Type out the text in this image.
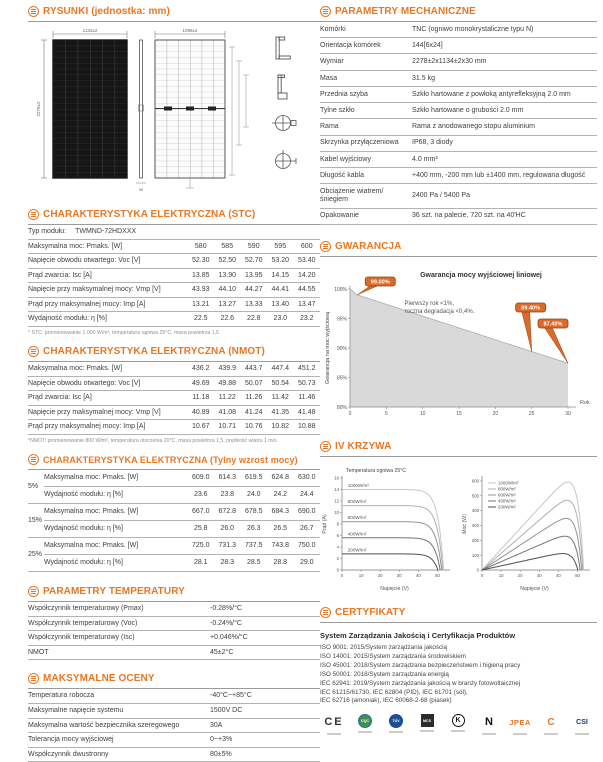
RYSUNKI (jednostka: mm)
1134±2
2278±2
30
1096±2
CHARAKTERYSTYKA ELEKTRYCZNA (STC)
Typ modułu: TWMND-72HDXXX					
Maksymalna moc: Pmaks. [W]	580	585	590	595	600
Napięcie obwodu otwartego: Voc [V]	52.30	52.50	52.70	53.20	53.40
Prąd zwarcia: Isc [A]	13.85	13.90	13.95	14.15	14.20
Napięcie przy maksymalnej mocy: Vmp [V]	43.93	44.10	44.27	44.41	44.55
Prąd przy maksymalnej mocy: Imp [A]	13.21	13.27	13.33	13.40	13.47
Wydajność modułu: η [%]	22.5	22.6	22.8	23.0	23.2
* STC: promieniowanie 1 000 W/m², temperatura ogniwa 25°C, masa powietrza 1,5
CHARAKTERYSTYKA ELEKTRYCZNA (NMOT)
Maksymalna moc: Pmaks. [W]	436.2	439.9	443.7	447.4	451.2
Napięcie obwodu otwartego: Voc [V]	49.69	49.88	50.07	50.54	50.73
Prąd zwarcia: Isc [A]	11.18	11.22	11.26	11.42	11.46
Napięcie przy maksymalnej mocy: Vmp [V]	40.89	41.08	41.24	41.35	41.48
Prąd przy maksymalnej mocy: Imp [A]	10.67	10.71	10.76	10.82	10.88
*NMOT: promieniowanie 800 W/m², temperatura otoczenia 20°C, masa powietrza 1,5, prędkość wiatru 1 m/s
CHARAKTERYSTYKA ELEKTRYCZNA (Tylny wzrost mocy)
5%	Maksymalna moc: Pmaks. [W]	609.0	614.3	619.5	624.8	630.0
	Wydajność modułu: η [%]	23.6	23.8	24.0	24.2	24.4
15%	Maksymalna moc: Pmaks. [W]	667.0	672.8	678.5	684.3	690.0
	Wydajność modułu: η [%]	25.8	26.0	26.3	26.5	26.7
25%	Maksymalna moc: Pmaks. [W]	725.0	731.3	737.5	743.8	750.0
	Wydajność modułu: η [%]	28.1	28.3	28.5	28.8	29.0
PARAMETRY TEMPERATURY
Współczynnik temperaturowy (Pmax)	-0.28%/°C
Współczynnik temperaturowy (Voc)	-0.24%/°C
Współczynnik temperaturowy (Isc)	+0.046%/°C
NMOT	45±2°C
MAKSYMALNE OCENY
Temperatura robocza	-40°C~+85°C
Maksymalne napięcie systemu	1500V DC
Maksymalna wartość bezpiecznika szeregowego	30A
Tolerancja mocy wyjściowej	0~+3%
Współczynnik dwustronny	80±5%
PARAMETRY MECHANICZNE
Komórki	TNC (ogniwo monokrystaliczne typu N)
Orientacja komórek	144[6x24]
Wymiar	2278±2x1134±2x30 mm
Masa	31.5 kg
Przednia szyba	Szkło hartowane z powłoką antyrefleksyjną 2.0 mm
Tylne szkło	Szkło hartowane o grubości 2.0 mm
Rama	Rama z anodowanego stopu aluminium
Skrzynka przyłączeniowa	IP68, 3 diody
Kabel wyjściowy	4.0 mm²
Długość kabla	+400 mm, -200 mm lub ±1400 mm, regulowana długość
Obciążenie wiatrem/śniegiem	2400 Pa / 5400 Pa
Opakowanie	36 szt. na palecie, 720 szt. na 40'HC
GWARANCJA
80%
85%
90%
95%
100%
0	5	10	15	20	25	30
Rok
Gwarancja na moc wyjściową
Gwarancja mocy wyjściowej liniowej
Pierwszy rok <1%,
roczna degradacja <0,4%.
99.00%
89.40%
87.40%
IV KRZYWA
0
2
4
6
8
10
12
14
16
0	10	20	30	40	50
1000W/m²
800W/m²
600W/m²
400W/m²
200W/m²
Temperatura ogniwa 25°C
Napięcie (V)
Prąd (A)
0
100
200
300
400
500
600
0	10	20	30	40	50
1000W/m²
800W/m²
600W/m²
400W/m²
200W/m²
Napięcie (V)
Moc (W)
CERTYFIKATY
System Zarządzania Jakością i Certyfikacja Produktów
ISO 9001: 2015/System zarządzania jakością
ISO 14001: 2015/System zarządzania środowiskiem
ISO 45001: 2018/System zarządzania bezpieczeństwem i higieną pracy
ISO 50001: 2018/System zarządzania energią
IEC 62941: 2019/System zarządzania jakością w branży fotowoltaicznej
IEC 61215/61730, IEC 62804 (PID), IEC 61701 (sól),
IEC 62716 (amoniak), IEC 60068-2-68 (piasek)
CE	CQC	TÜV	MCS	K	N JPEA C	CSI
